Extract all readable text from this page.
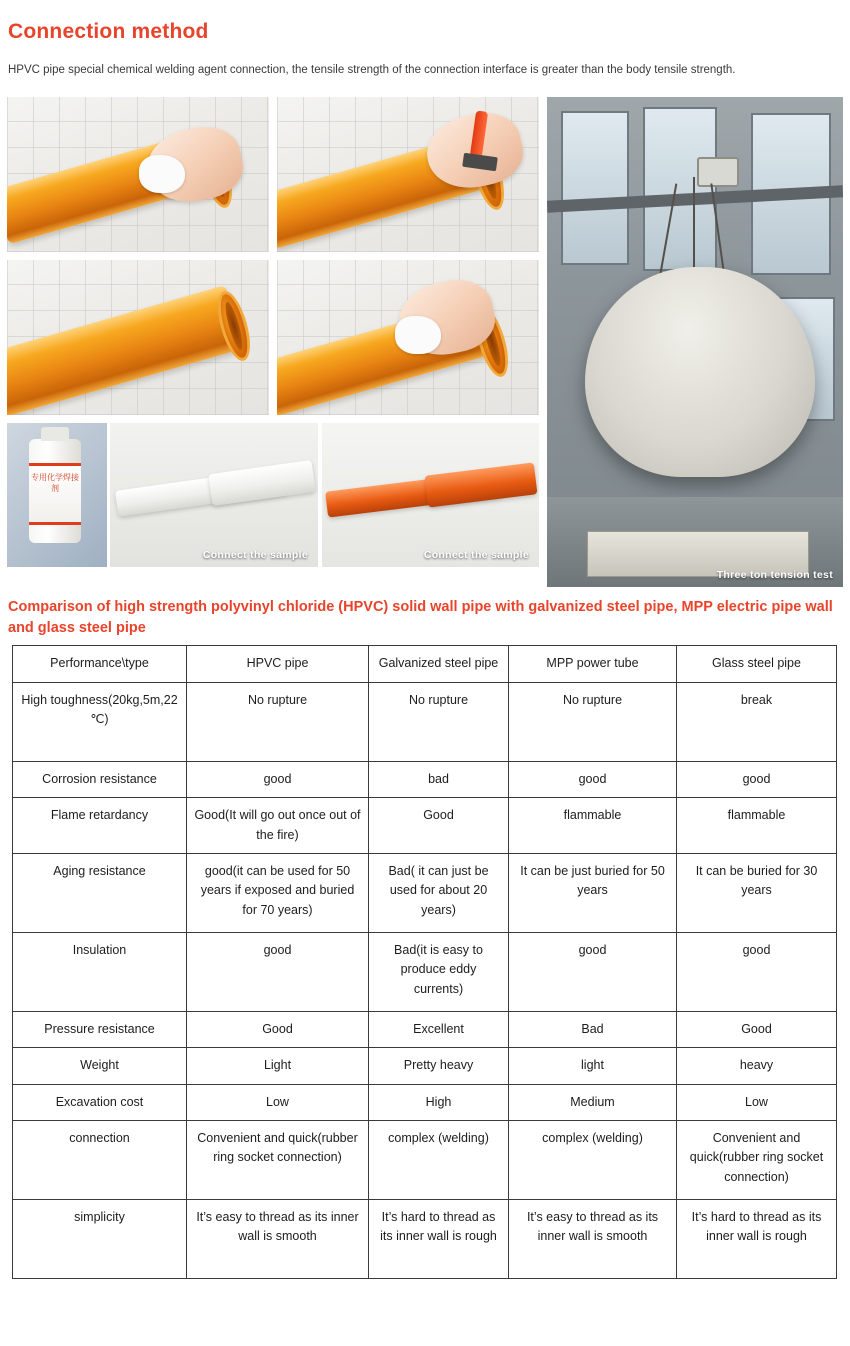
Connection method

HPVC pipe special chemical welding agent connection, the tensile strength of the connection interface is greater than the body tensile strength.

Three ton tension test
专用化学焊接剂
Connect the sample	Connect the sample
Comparison of high strength polyvinyl chloride (HPVC) solid wall pipe with galvanized steel pipe, MPP electric pipe wall and glass steel pipe
Performance\type	HPVC pipe	Galvanized steel pipe	MPP power tube	Glass steel pipe
High toughness(20kg,5m,22 ℃)	No rupture	No rupture	No rupture	break
Corrosion resistance	good	bad	good	good
Flame retardancy	Good(It will go out once out of the fire)	Good	flammable	flammable
Aging resistance	good(it can be used for 50 years if exposed and buried for 70 years)	Bad( it can just be used for about 20 years)	It can be just buried for 50 years	It can be buried for 30 years
Insulation	good	Bad(it is easy to produce eddy currents)	good	good
Pressure resistance	Good	Excellent	Bad	Good
Weight	Light	Pretty heavy	light	heavy
Excavation cost	Low	High	Medium	Low
connection	Convenient and quick(rubber ring socket connection)	complex (welding)	complex (welding)	Convenient and quick(rubber ring socket connection)
simplicity	It’s easy to thread as its inner wall is smooth	It’s hard to thread as its inner wall is rough	It’s easy to thread as its inner wall is smooth	It’s hard to thread as its inner wall is rough
